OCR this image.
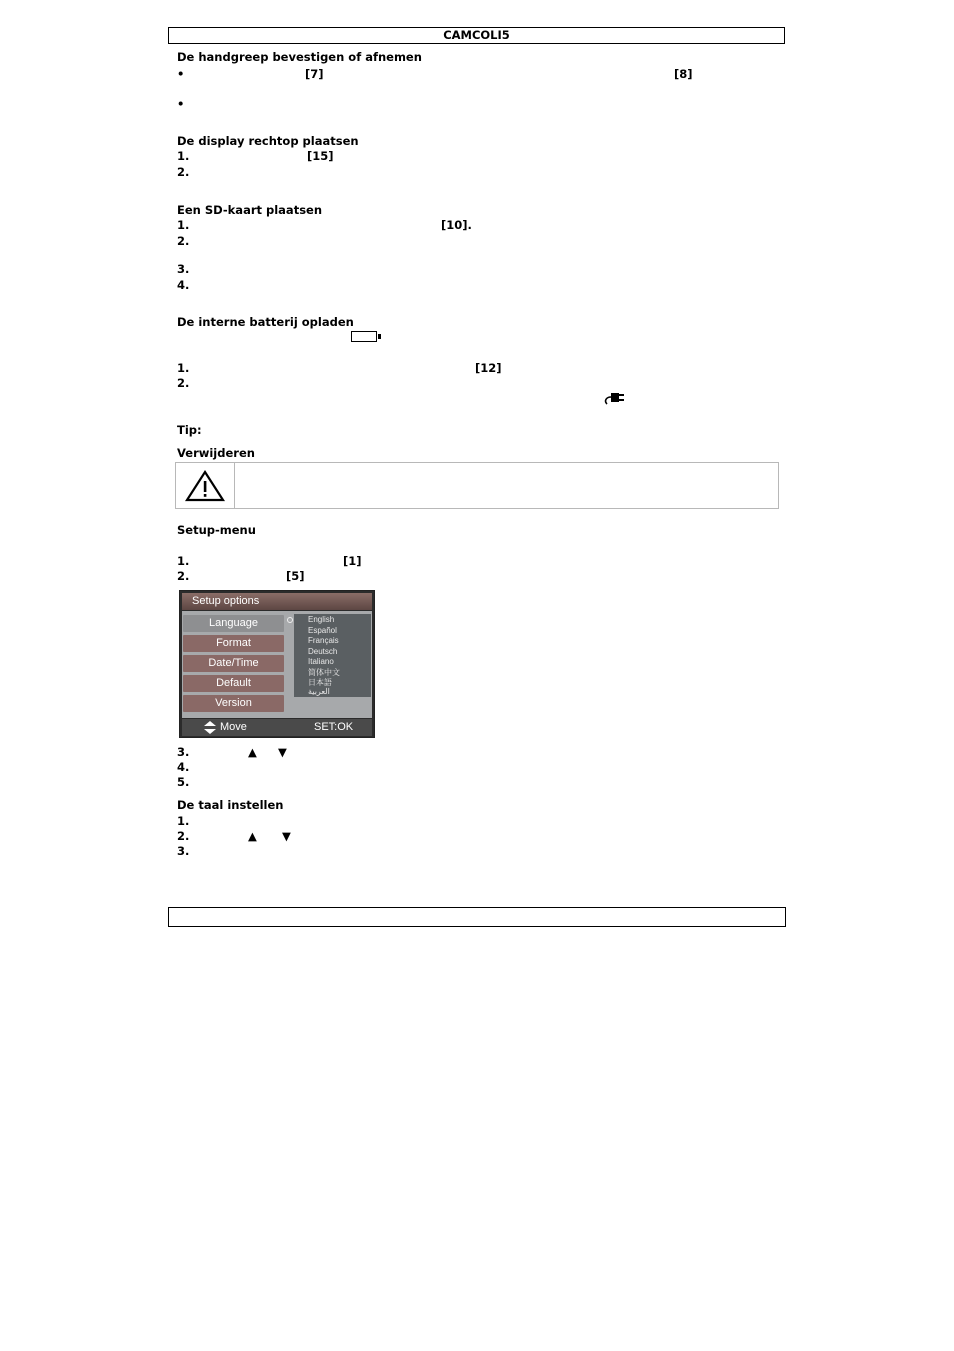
CAMCOLI5
De handgreep bevestigen of afnemen
•	[7]	[8]
•
De display rechtop plaatsen
1.	[15]
2.
Een SD-kaart plaatsen
1.	[10].
2.
3.
4.
De interne batterij opladen
1.	[12]
2.
Tip:
Verwijderen
Setup-menu
1.	[1]
2.	[5]
Setup options
Language
Format
Date/Time
Default
Version
English
Español
Français
Deutsch
Italiano
简体中文
日本語
العربية
Move	SET:OK
3.	▲ ▼
4.
5.
De taal instellen
1.
2.	▲ ▼
3.
